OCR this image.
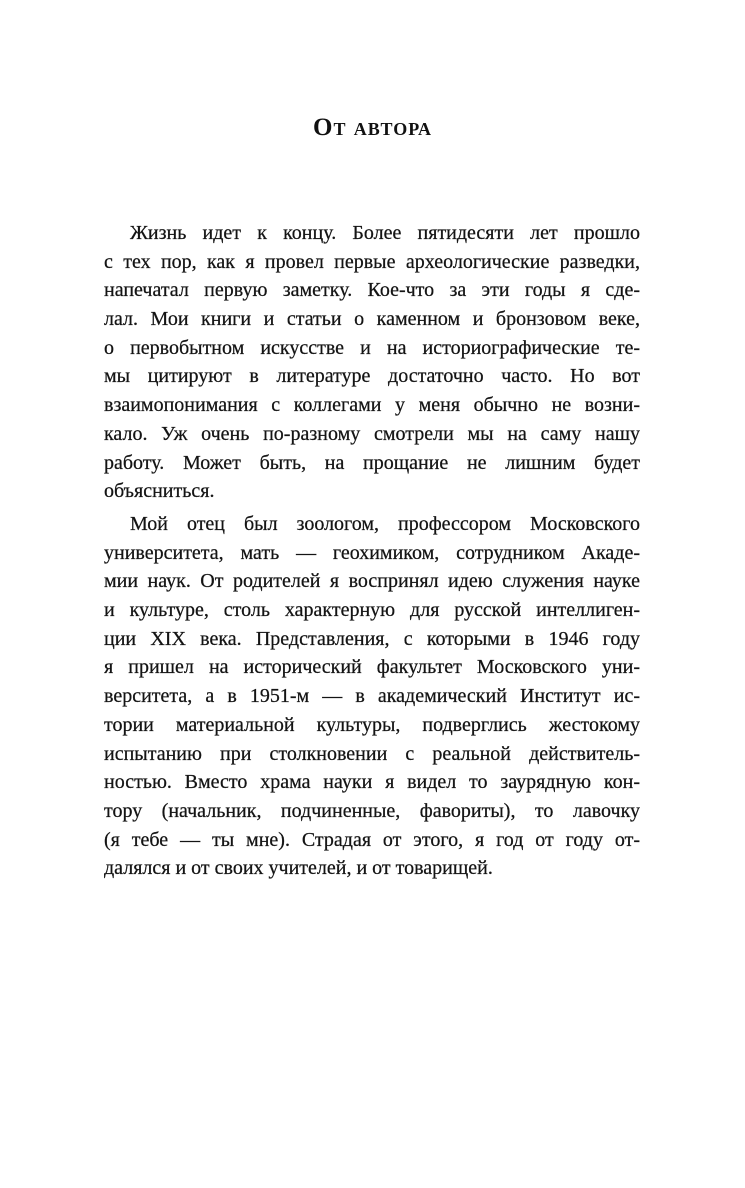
От автора
Жизнь идет к концу. Более пятидесяти лет прошло
с тех пор, как я провел первые археологические разведки,
напечатал первую заметку. Кое-что за эти годы я сде-
лал. Мои книги и статьи о каменном и бронзовом веке,
о первобытном искусстве и на историографические те-
мы цитируют в литературе достаточно часто. Но вот
взаимопонимания с коллегами у меня обычно не возни-
кало. Уж очень по-разному смотрели мы на саму нашу
работу. Может быть, на прощание не лишним будет
объясниться.
Мой отец был зоологом, профессором Московского
университета, мать — геохимиком, сотрудником Акаде-
мии наук. От родителей я воспринял идею служения науке
и культуре, столь характерную для русской интеллиген-
ции XIX века. Представления, с которыми в 1946 году
я пришел на исторический факультет Московского уни-
верситета, а в 1951-м — в академический Институт ис-
тории материальной культуры, подверглись жестокому
испытанию при столкновении с реальной действитель-
ностью. Вместо храма науки я видел то заурядную кон-
тору (начальник, подчиненные, фавориты), то лавочку
(я тебе — ты мне). Страдая от этого, я год от году от-
далялся и от своих учителей, и от товарищей.
